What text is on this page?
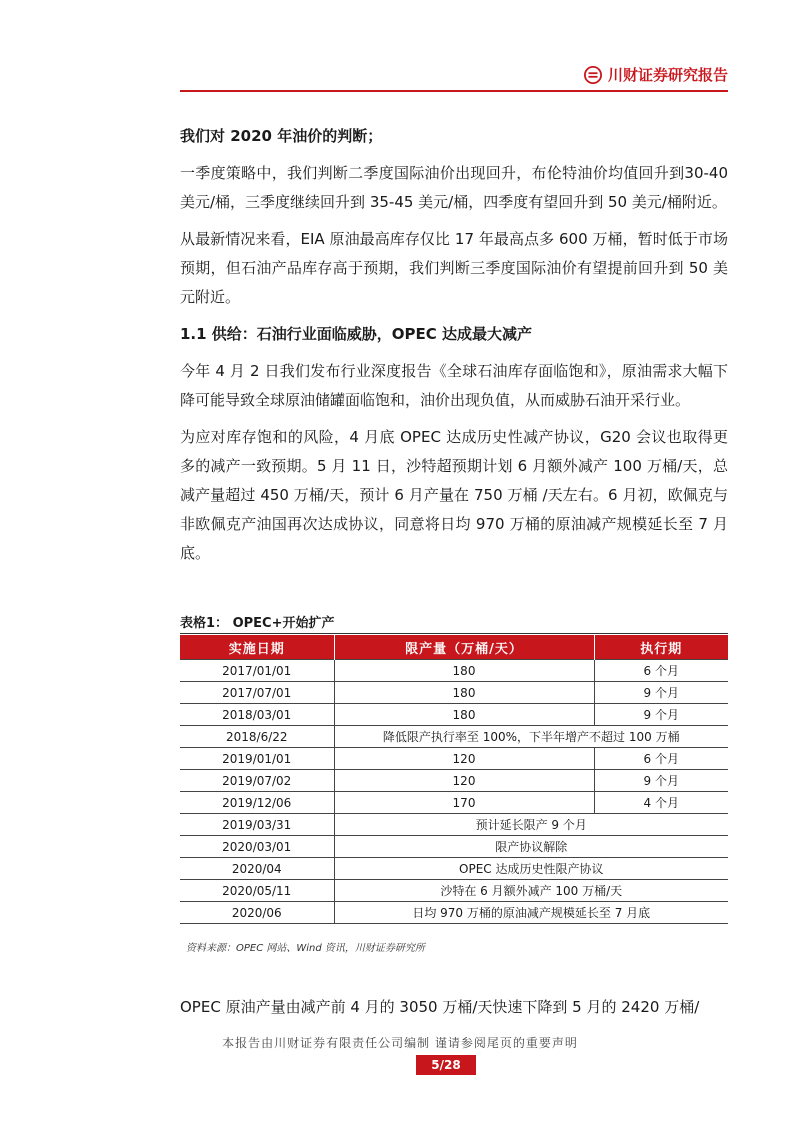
川财证券研究报告

我们对 2020 年油价的判断；

一季度策略中，我们判断二季度国际油价出现回升，布伦特油价均值回升到30-40 美元/桶，三季度继续回升到 35-45 美元/桶，四季度有望回升到 50 美元/桶附近。

从最新情况来看，EIA 原油最高库存仅比 17 年最高点多 600 万桶，暂时低于市场预期，但石油产品库存高于预期，我们判断三季度国际油价有望提前回升到 50 美元附近。

1.1 供给：石油行业面临威胁，OPEC 达成最大减产

今年 4 月 2 日我们发布行业深度报告《全球石油库存面临饱和》，原油需求大幅下降可能导致全球原油储罐面临饱和，油价出现负值，从而威胁石油开采行业。

为应对库存饱和的风险，4 月底 OPEC 达成历史性减产协议，G20 会议也取得更多的减产一致预期。5 月 11 日，沙特超预期计划 6 月额外减产 100 万桶/天，总减产量超过 450 万桶/天，预计 6 月产量在 750 万桶 /天左右。6 月初，欧佩克与非欧佩克产油国再次达成协议，同意将日均 970 万桶的原油减产规模延长至 7 月底。

表格1： OPEC+开始扩产
实施日期	限产量（万桶/天）	执行期
2017/01/01	180	6 个月
2017/07/01	180	9 个月
2018/03/01	180	9 个月
2018/6/22	降低限产执行率至 100%，下半年增产不超过 100 万桶	
2019/01/01	120	6 个月
2019/07/02	120	9 个月
2019/12/06	170	4 个月
2019/03/31	预计延长限产 9 个月	
2020/03/01	限产协议解除	
2020/04	OPEC 达成历史性限产协议	
2020/05/11	沙特在 6 月额外减产 100 万桶/天	
2020/06	日均 970 万桶的原油减产规模延长至 7 月底	
资料来源：OPEC 网站、Wind 资讯，川财证券研究所

OPEC 原油产量由减产前 4 月的 3050 万桶/天快速下降到 5 月的 2420 万桶/

本报告由川财证券有限责任公司编制 谨请参阅尾页的重要声明
5/28
